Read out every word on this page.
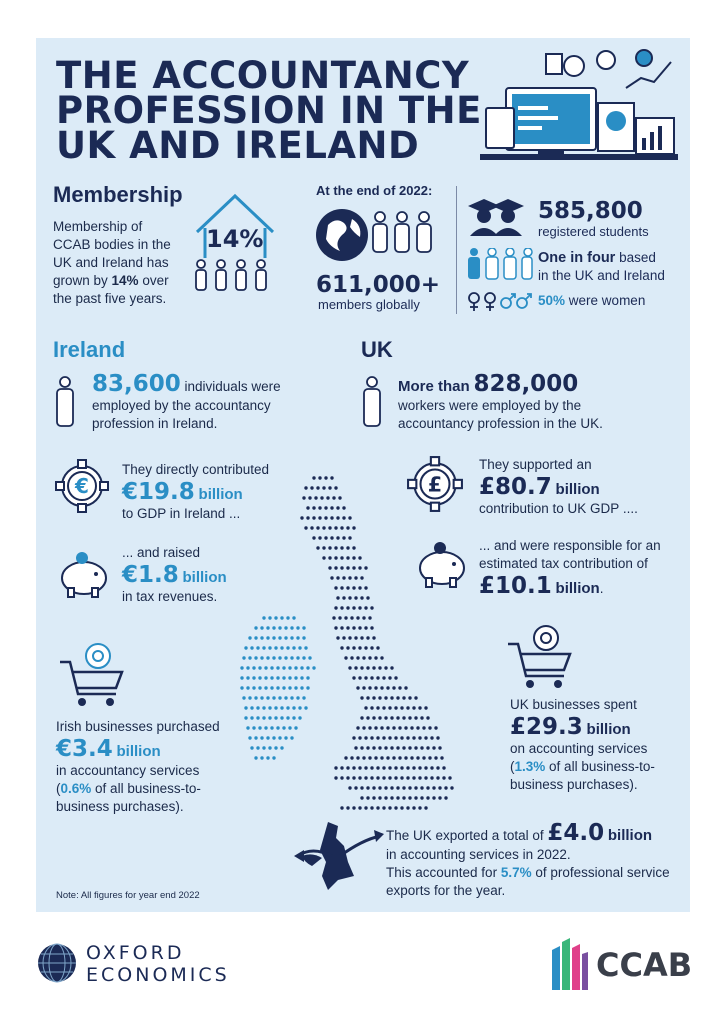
THE ACCOUNTANCY
PROFESSION IN THE
UK AND IRELAND
Membership
Membership of CCAB bodies in the UK and Ireland has grown by 14% over the past five years.
14%
At the end of 2022:
611,000+
members globally
585,800
registered students
One in four based
in the UK and Ireland
50% were women
Ireland
83,600 individuals were
employed by the accountancy profession in Ireland.
€
They directly contributed
€19.8 billion
to GDP in Ireland ...
... and raised
€1.8 billion
in tax revenues.
Irish businesses purchased
€3.4 billion
in accountancy services
(0.6% of all business-to-business purchases).
UK
More than 828,000
workers were employed by the accountancy profession in the UK.
£
They supported an
£80.7 billion
contribution to UK GDP ....
... and were responsible for an estimated tax contribution of
£10.1 billion.
UK businesses spent
£29.3 billion
on accounting services
(1.3% of all business-to-business purchases).
The UK exported a total of £4.0 billion
in accounting services in 2022.
This accounted for 5.7% of professional service exports for the year.
Note: All figures for year end 2022
OXFORD
ECONOMICS	CCAB
